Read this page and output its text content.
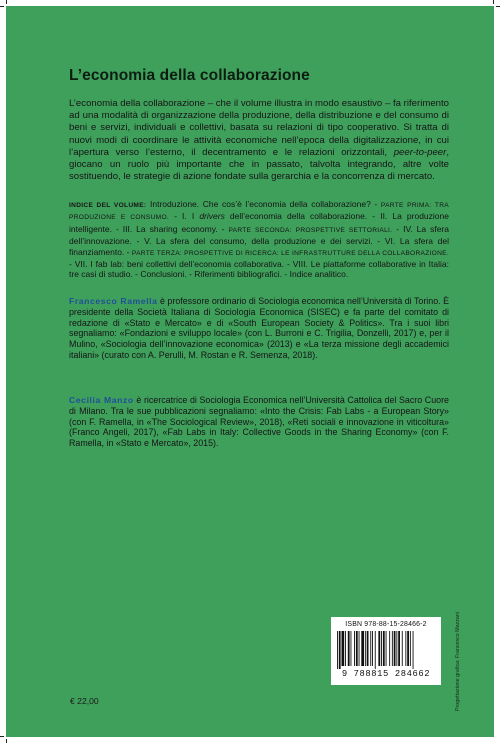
L’economia della collaborazione

L’economia della collaborazione – che il volume illustra in modo esaustivo – fa riferimento ad una modalità di organizzazione della produzione, della distribuzione e del consumo di beni e servizi, individuali e collettivi, basata su relazioni di tipo cooperativo. Si tratta di nuovi modi di coordinare le attività economiche nell’epoca della digitalizzazione, in cui l’apertura verso l’esterno, il decentramento e le relazioni orizzontali, peer-to-peer, giocano un ruolo più importante che in passato, talvolta integrando, altre volte sostituendo, le strategie di azione fondate sulla gerarchia e la concorrenza di mercato.

INDICE DEL VOLUME: Introduzione. Che cos’è l’economia della collaborazione? - PARTE PRIMA: TRA PRODUZIONE E CONSUMO. - I. I drivers dell’economia della collaborazione. - II. La produzione intelligente. - III. La sharing economy. - PARTE SECONDA: PROSPETTIVE SETTORIALI. - IV. La sfera dell’innovazione. - V. La sfera del consumo, della produzione e dei servizi. - VI. La sfera del finanziamento. - PARTE TERZA: PROSPETTIVE DI RICERCA: LE INFRASTRUTTURE DELLA COLLABORAZIONE. - VII. I fab lab: beni collettivi dell’economia collaborativa. - VIII. Le piattaforme collaborative in Italia: tre casi di studio. - Conclusioni. - Riferimenti bibliografici. - Indice analitico.

Francesco Ramella è professore ordinario di Sociologia economica nell’Università di Torino. È presidente della Società Italiana di Sociologia Economica (SISEC) e fa parte del comitato di redazione di «Stato e Mercato» e di «South European Society & Politics». Tra i suoi libri segnaliamo: «Fondazioni e sviluppo locale» (con L. Burroni e C. Trigilia, Donzelli, 2017) e, per il Mulino, «Sociologia dell’innovazione economica» (2013) e «La terza missione degli accademici italiani» (curato con A. Perulli, M. Rostan e R. Semenza, 2018).

Cecilia Manzo è ricercatrice di Sociologia Economica nell’Università Cattolica del Sacro Cuore di Milano. Tra le sue pubblicazioni segnaliamo: «Into the Crisis: Fab Labs - a European Story» (con F. Ramella, in «The Sociological Review», 2018), «Reti sociali e innovazione in viticoltura» (Franco Angeli, 2017), «Fab Labs in Italy: Collective Goods in the Sharing Economy» (con F. Ramella, in «Stato e Mercato», 2015).

ISBN 978-88-15-28466-2
9 788815 284662	Progettazione grafica: Francesco Mazzani
€ 22,00
